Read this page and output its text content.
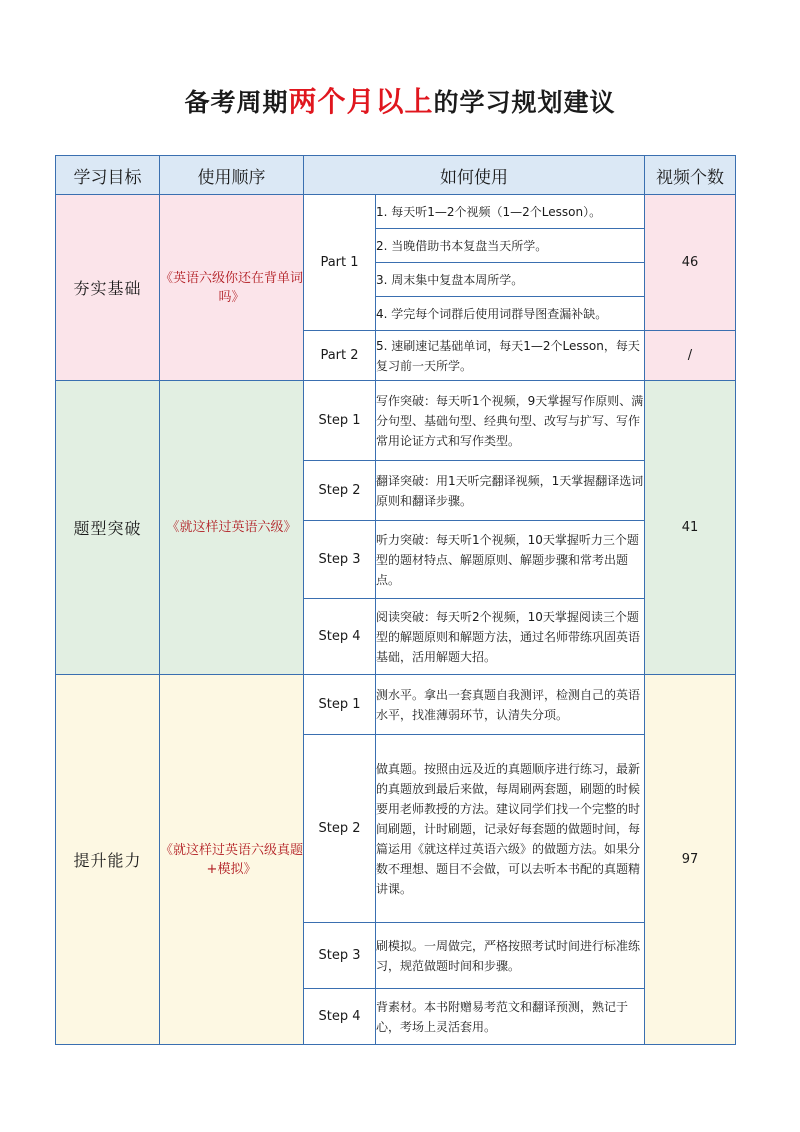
备考周期两个月以上的学习规划建议
学习目标	使用顺序	如何使用		视频个数
夯实基础	《英语六级你还在背单词吗》	Part 1	1. 每天听1—2个视频（1—2个Lesson）。	46
			2. 当晚借助书本复盘当天所学。	
			3. 周末集中复盘本周所学。	
			4. 学完每个词群后使用词群导图查漏补缺。	
		Part 2	5. 速刷速记基础单词，每天1—2个Lesson，每天复习前一天所学。	/
题型突破	《就这样过英语六级》	Step 1	写作突破：每天听1个视频，9天掌握写作原则、满分句型、基础句型、经典句型、改写与扩写、写作常用论证方式和写作类型。	41
		Step 2	翻译突破：用1天听完翻译视频，1天掌握翻译选词原则和翻译步骤。	
		Step 3	听力突破：每天听1个视频，10天掌握听力三个题型的题材特点、解题原则、解题步骤和常考出题点。	
		Step 4	阅读突破：每天听2个视频，10天掌握阅读三个题型的解题原则和解题方法，通过名师带练巩固英语基础，活用解题大招。	
提升能力	《就这样过英语六级真题+模拟》	Step 1	测水平。拿出一套真题自我测评，检测自己的英语水平，找准薄弱环节，认清失分项。	97
		Step 2	做真题。按照由远及近的真题顺序进行练习，最新的真题放到最后来做，每周刷两套题，刷题的时候要用老师教授的方法。建议同学们找一个完整的时间刷题，计时刷题，记录好每套题的做题时间，每篇运用《就这样过英语六级》的做题方法。如果分数不理想、题目不会做，可以去听本书配的真题精讲课。	
		Step 3	刷模拟。一周做完，严格按照考试时间进行标准练习，规范做题时间和步骤。	
		Step 4	背素材。本书附赠易考范文和翻译预测，熟记于心，考场上灵活套用。	
